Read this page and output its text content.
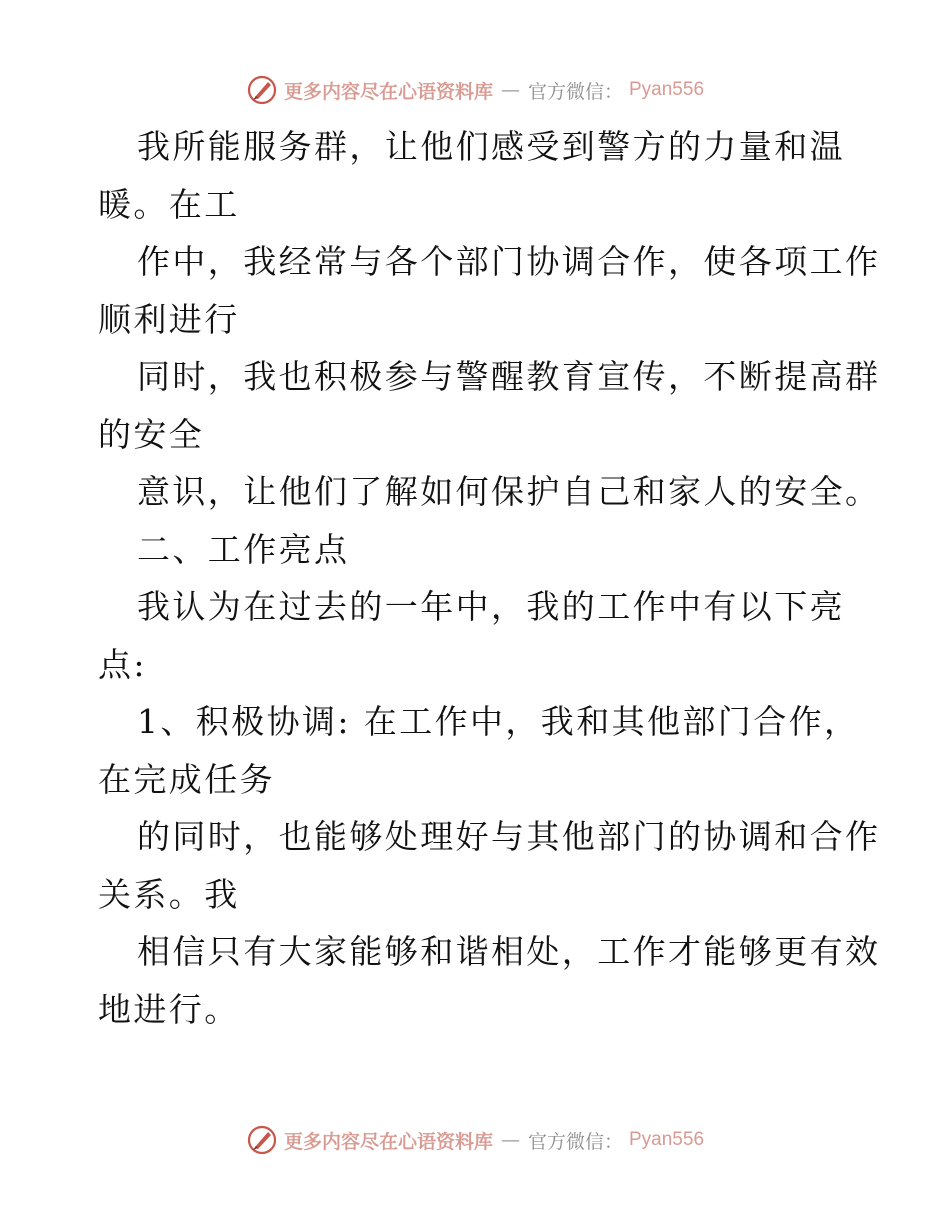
更多内容尽在心语资料库 — 官方微信： Pyan556
我所能服务群，让他们感受到警方的力量和温
暖。在工
作中，我经常与各个部门协调合作，使各项工作
顺利进行
同时，我也积极参与警醒教育宣传，不断提高群
的安全
意识，让他们了解如何保护自己和家人的安全。
二、工作亮点
我认为在过去的一年中，我的工作中有以下亮
点:
1、积极协调: 在工作中，我和其他部门合作，
在完成任务
的同时，也能够处理好与其他部门的协调和合作
关系。我
相信只有大家能够和谐相处，工作才能够更有效
地进行。
更多内容尽在心语资料库 — 官方微信： Pyan556
